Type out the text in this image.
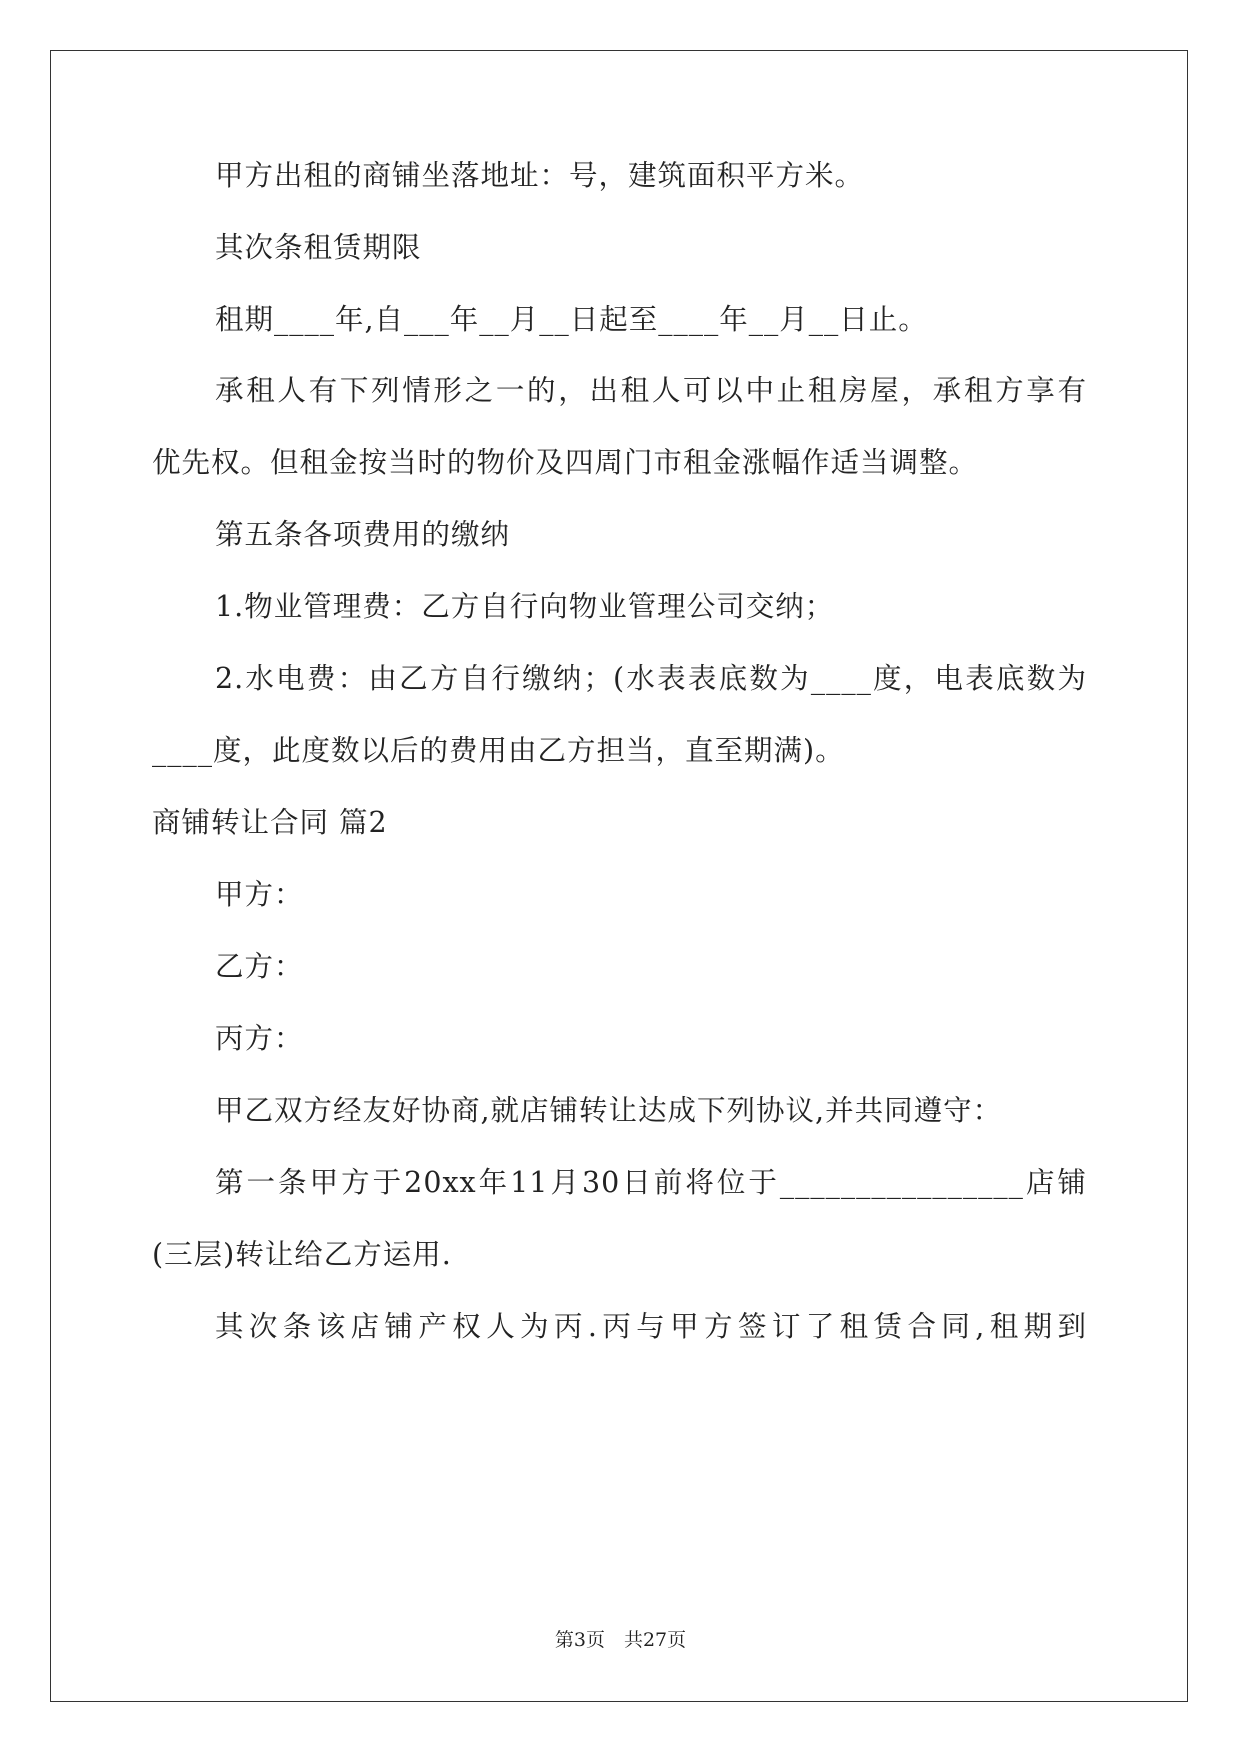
甲方出租的商铺坐落地址：号，建筑面积平方米。
其次条租赁期限
租期____年,自___年__月__日起至____年__月__日止。
承租人有下列情形之一的，出租人可以中止租房屋，承租方享有
优先权。但租金按当时的物价及四周门市租金涨幅作适当调整。
第五条各项费用的缴纳
1.物业管理费：乙方自行向物业管理公司交纳；
2.水电费：由乙方自行缴纳；(水表表底数为____度，电表底数为
____度，此度数以后的费用由乙方担当，直至期满)。
商铺转让合同 篇2
甲方：
乙方：
丙方：
甲乙双方经友好协商,就店铺转让达成下列协议,并共同遵守：
第一条甲方于20xx年11月30日前将位于________________店铺
(三层)转让给乙方运用.
其次条该店铺产权人为丙.丙与甲方签订了租赁合同,租期到
第3页　共27页
